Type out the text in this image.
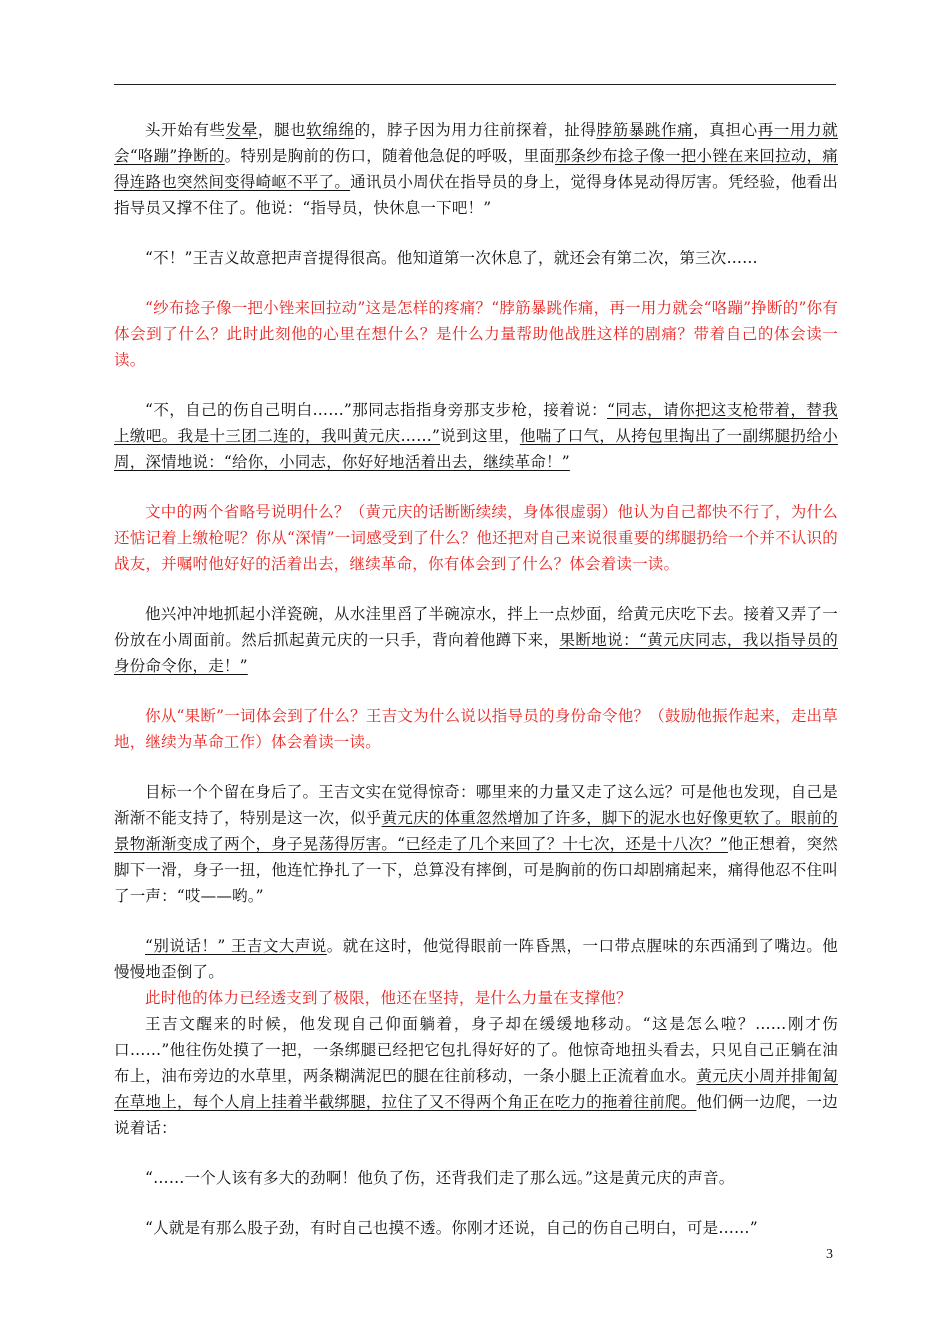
头开始有些发晕，腿也软绵绵的，脖子因为用力往前探着，扯得脖筋暴跳作痛，真担心再一用力就会“咯蹦”挣断的。特别是胸前的伤口，随着他急促的呼吸，里面那条纱布捻子像一把小锉在来回拉动，痛得连路也突然间变得崎岖不平了。通讯员小周伏在指导员的身上，觉得身体晃动得厉害。凭经验，他看出指导员又撑不住了。他说：“指导员，快休息一下吧！”

“不！”王吉义故意把声音提得很高。他知道第一次休息了，就还会有第二次，第三次……

“纱布捻子像一把小锉来回拉动”这是怎样的疼痛？“脖筋暴跳作痛，再一用力就会“咯蹦”挣断的”你有体会到了什么？此时此刻他的心里在想什么？是什么力量帮助他战胜这样的剧痛？带着自己的体会读一读。

“不，自己的伤自己明白……”那同志指指身旁那支步枪，接着说：“同志，请你把这支枪带着，替我上缴吧。我是十三团二连的，我叫黄元庆……”说到这里，他喘了口气，从挎包里掏出了一副绑腿扔给小周，深情地说：“给你，小同志，你好好地活着出去，继续革命！”

文中的两个省略号说明什么？（黄元庆的话断断续续，身体很虚弱）他认为自己都快不行了，为什么还惦记着上缴枪呢？你从“深情”一词感受到了什么？他还把对自己来说很重要的绑腿扔给一个并不认识的战友，并嘱咐他好好的活着出去，继续革命，你有体会到了什么？体会着读一读。

他兴冲冲地抓起小洋瓷碗，从水洼里舀了半碗凉水，拌上一点炒面，给黄元庆吃下去。接着又弄了一份放在小周面前。然后抓起黄元庆的一只手，背向着他蹲下来，果断地说：“黄元庆同志，我以指导员的身份命令你，走！”

你从“果断”一词体会到了什么？王吉文为什么说以指导员的身份命令他？（鼓励他振作起来，走出草地，继续为革命工作）体会着读一读。

目标一个个留在身后了。王吉文实在觉得惊奇：哪里来的力量又走了这么远？可是他也发现，自己是渐渐不能支持了，特别是这一次，似乎黄元庆的体重忽然增加了许多，脚下的泥水也好像更软了。眼前的景物渐渐变成了两个，身子晃荡得厉害。“已经走了几个来回了？十七次，还是十八次？”他正想着，突然脚下一滑，身子一扭，他连忙挣扎了一下，总算没有摔倒，可是胸前的伤口却剧痛起来，痛得他忍不住叫了一声：“哎——哟。”

“别说话！” 王吉文大声说。就在这时，他觉得眼前一阵昏黑，一口带点腥味的东西涌到了嘴边。他慢慢地歪倒了。

此时他的体力已经透支到了极限，他还在坚持，是什么力量在支撑他？

王吉文醒来的时候，他发现自己仰面躺着，身子却在缓缓地移动。“这是怎么啦？……刚才伤口……”他往伤处摸了一把，一条绑腿已经把它包扎得好好的了。他惊奇地扭头看去，只见自己正躺在油布上，油布旁边的水草里，两条糊满泥巴的腿在往前移动，一条小腿上正流着血水。黄元庆小周并排匍匐在草地上，每个人肩上挂着半截绑腿，拉住了又不得两个角正在吃力的拖着往前爬。他们俩一边爬，一边说着话：

“……一个人该有多大的劲啊！他负了伤，还背我们走了那么远。”这是黄元庆的声音。

“人就是有那么股子劲，有时自己也摸不透。你刚才还说，自己的伤自己明白，可是……”

3
